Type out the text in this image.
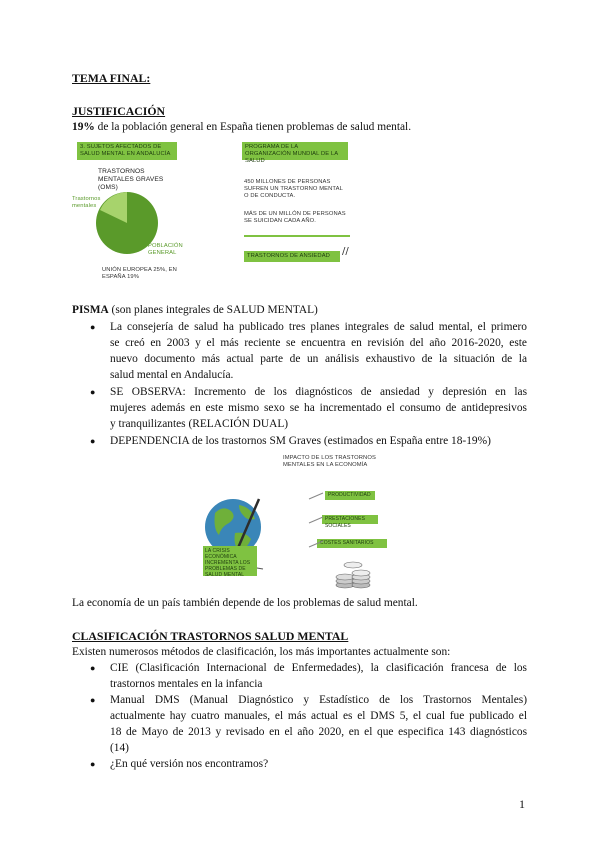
TEMA FINAL:
JUSTIFICACIÓN
19% de la población general en España tienen problemas de salud mental.
3. SUJETOS AFECTADOS DE SALUD MENTAL EN ANDALUCÍA
TRASTORNOS MENTALES GRAVES (OMS)
Trastornos mentales
POBLACIÓN GENERAL
UNIÓN EUROPEA 25%, EN ESPAÑA 19%
PROGRAMA DE LA ORGANIZACIÓN MUNDIAL DE LA SALUD
450 MILLONES DE PERSONAS SUFREN UN TRASTORNO MENTAL O DE CONDUCTA.
MÁS DE UN MILLÓN DE PERSONAS SE SUICIDAN CADA AÑO.
TRASTORNOS DE ANSIEDAD	//
PISMA (son planes integrales de SALUD MENTAL)
●	La consejería de salud ha publicado tres planes integrales de salud mental, el primero
se creó en 2003 y el más reciente se encuentra en revisión del año 2016-2020, este
nuevo documento más actual parte de un análisis exhaustivo de la situación de la
salud mental en Andalucía.
●	SE OBSERVA: Incremento de los diagnósticos de ansiedad y depresión en las
mujeres además en este mismo sexo se ha incrementado el consumo de antidepresivos
y tranquilizantes (RELACIÓN DUAL)
●	DEPENDENCIA de los trastornos SM Graves (estimados en España entre 18-19%)
IMPACTO DE LOS TRASTORNOS MENTALES EN LA ECONOMÍA
LA CRISIS ECONÓMICA INCREMENTA LOS PROBLEMAS DE SALUD MENTAL
PRODUCTIVIDAD
PRESTACIONES SOCIALES
COSTES SANITARIOS
La economía de un país también depende de los problemas de salud mental.
CLASIFICACIÓN TRASTORNOS SALUD MENTAL
Existen numerosos métodos de clasificación, los más importantes actualmente son:
●	CIE (Clasificación Internacional de Enfermedades), la clasificación francesa de los
trastornos mentales en la infancia
●	Manual DMS (Manual Diagnóstico y Estadístico de los Trastornos Mentales)
actualmente hay cuatro manuales, el más actual es el DMS 5, el cual fue publicado el
18 de Mayo de 2013 y revisado en el año 2020, en el que especifica 143 diagnósticos
(14)
●	¿En qué versión nos encontramos?
1
